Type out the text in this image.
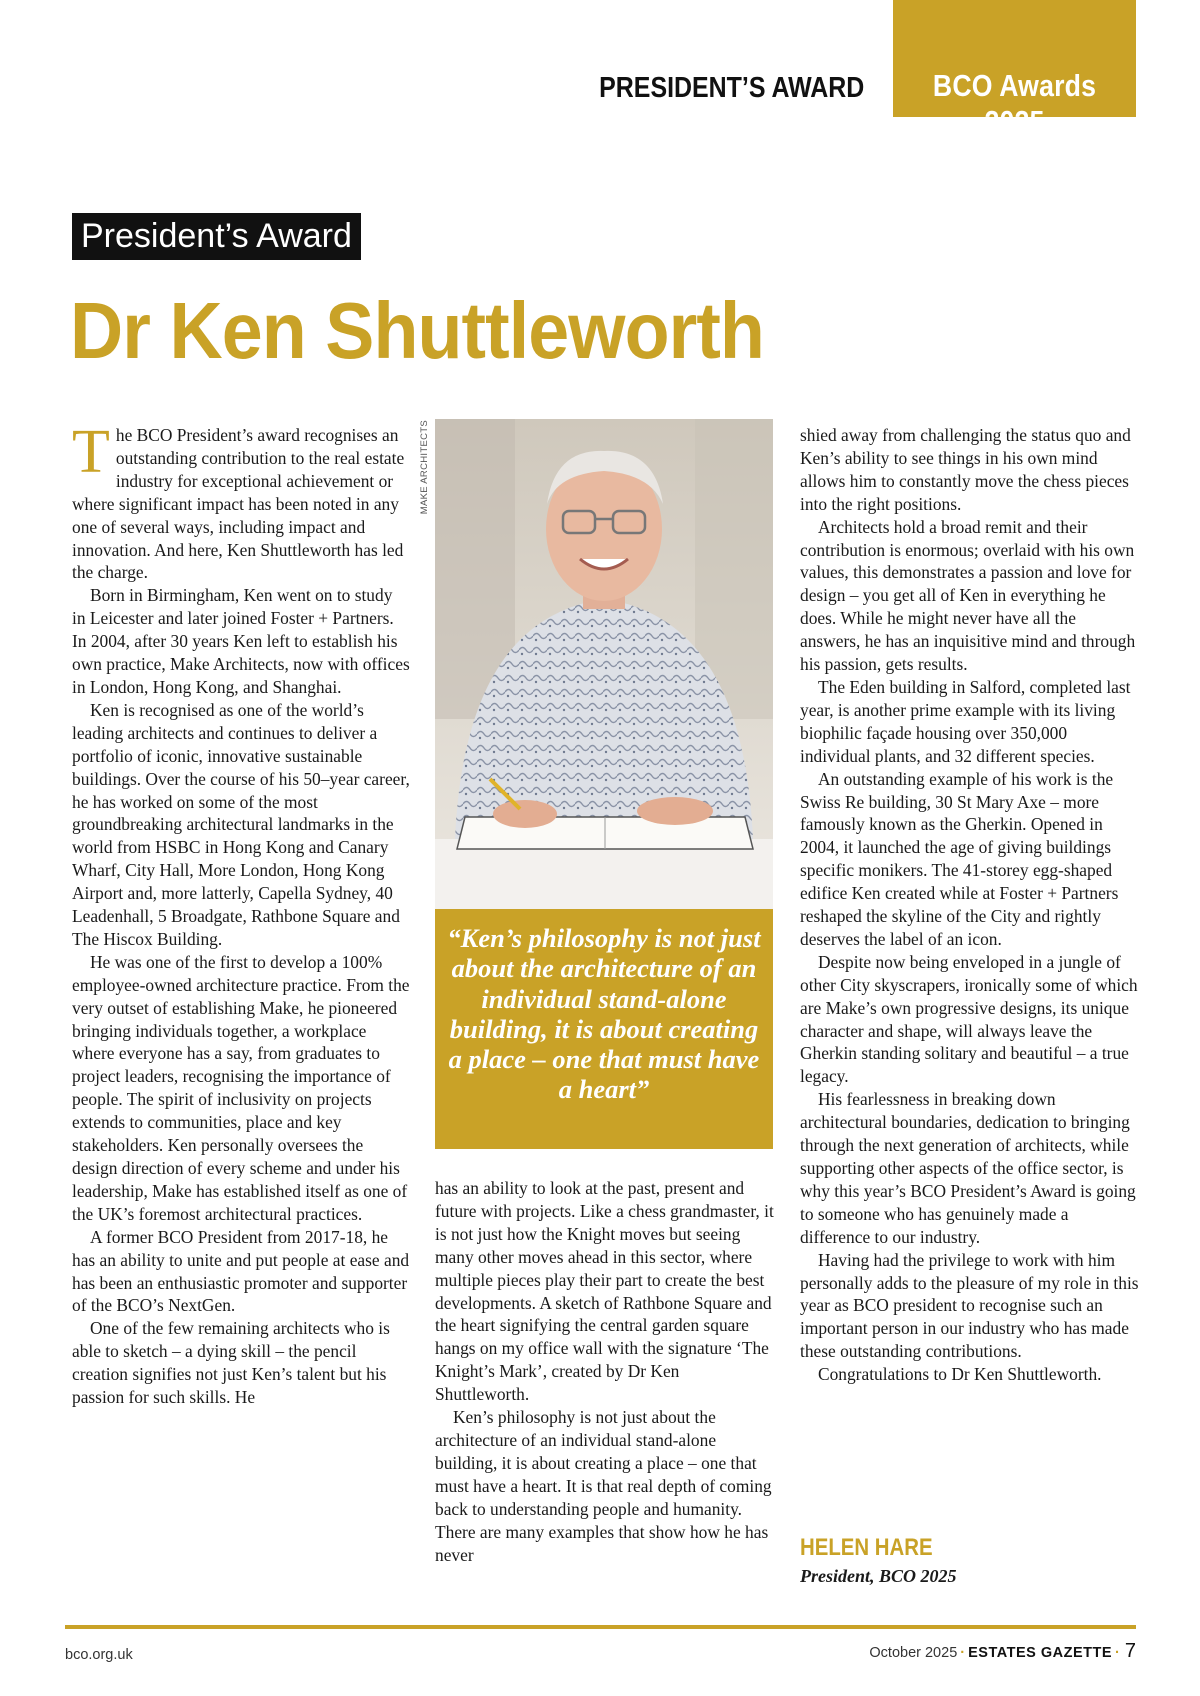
PRESIDENT’S AWARD	BCO Awards 2025
President’s Award
Dr Ken Shuttleworth

The BCO President’s award recognises an outstanding contribution to the real estate industry for exceptional achievement or where significant impact has been noted in any one of several ways, including impact and innovation. And here, Ken Shuttleworth has led the charge.

Born in Birmingham, Ken went on to study in Leicester and later joined Foster + Partners. In 2004, after 30 years Ken left to establish his own practice, Make Architects, now with offices in London, Hong Kong, and Shanghai.

Ken is recognised as one of the world’s leading architects and continues to deliver a portfolio of iconic, innovative sustainable buildings. Over the course of his 50–year career, he has worked on some of the most groundbreaking architectural landmarks in the world from HSBC in Hong Kong and Canary Wharf, City Hall, More London, Hong Kong Airport and, more latterly, Capella Sydney, 40 Leadenhall, 5 Broadgate, Rathbone Square and The Hiscox Building.

He was one of the first to develop a 100% employee-owned architecture practice. From the very outset of establishing Make, he pioneered bringing individuals together, a workplace where everyone has a say, from graduates to project leaders, recognising the importance of people. The spirit of inclusivity on projects extends to communities, place and key stakeholders. Ken personally oversees the design direction of every scheme and under his leadership, Make has established itself as one of the UK’s foremost architectural practices.

A former BCO President from 2017-18, he has an ability to unite and put people at ease and has been an enthusiastic promoter and supporter of the BCO’s NextGen.

One of the few remaining architects who is able to sketch – a dying skill – the pencil creation signifies not just Ken’s talent but his passion for such skills. He

MAKE ARCHITECTS
“Ken’s philosophy is not just about the architecture of an individual stand-alone building, it is about creating a place – one that must have a heart”

has an ability to look at the past, present and future with projects. Like a chess grandmaster, it is not just how the Knight moves but seeing many other moves ahead in this sector, where multiple pieces play their part to create the best developments. A sketch of Rathbone Square and the heart signifying the central garden square hangs on my office wall with the signature ‘The Knight’s Mark’, created by Dr Ken Shuttleworth.

Ken’s philosophy is not just about the architecture of an individual stand-alone building, it is about creating a place – one that must have a heart. It is that real depth of coming back to understanding people and humanity. There are many examples that show how he has never

shied away from challenging the status quo and Ken’s ability to see things in his own mind allows him to constantly move the chess pieces into the right positions.

Architects hold a broad remit and their contribution is enormous; overlaid with his own values, this demonstrates a passion and love for design – you get all of Ken in everything he does. While he might never have all the answers, he has an inquisitive mind and through his passion, gets results.

The Eden building in Salford, completed last year, is another prime example with its living biophilic façade housing over 350,000 individual plants, and 32 different species.

An outstanding example of his work is the Swiss Re building, 30 St Mary Axe – more famously known as the Gherkin. Opened in 2004, it launched the age of giving buildings specific monikers. The 41-storey egg-shaped edifice Ken created while at Foster + Partners reshaped the skyline of the City and rightly deserves the label of an icon.

Despite now being enveloped in a jungle of other City skyscrapers, ironically some of which are Make’s own progressive designs, its unique character and shape, will always leave the Gherkin standing solitary and beautiful – a true legacy.

His fearlessness in breaking down architectural boundaries, dedication to bringing through the next generation of architects, while supporting other aspects of the office sector, is why this year’s BCO President’s Award is going to someone who has genuinely made a difference to our industry.

Having had the privilege to work with him personally adds to the pleasure of my role in this year as BCO president to recognise such an important person in our industry who has made these outstanding contributions.

Congratulations to Dr Ken Shuttleworth.

HELEN HARE
President, BCO 2025
bco.org.uk	October 2025 · ESTATES GAZETTE · 7
